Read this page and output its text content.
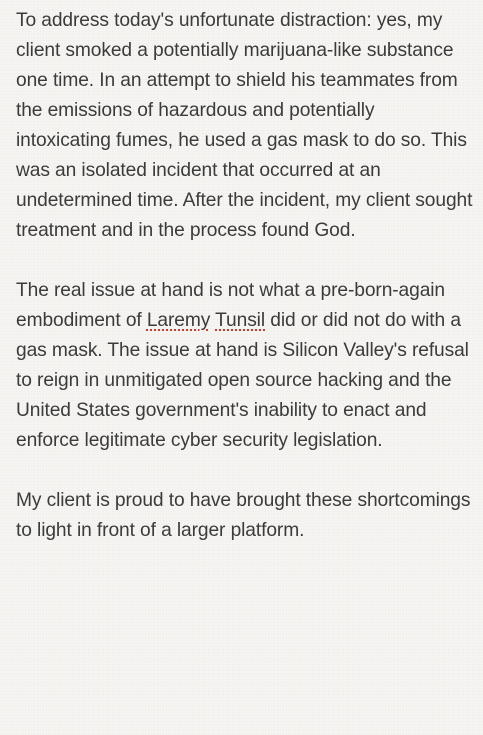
To address today's unfortunate distraction: yes, my client smoked a potentially marijuana-like substance one time. In an attempt to shield his teammates from the emissions of hazardous and potentially intoxicating fumes, he used a gas mask to do so. This was an isolated incident that occurred at an undetermined time. After the incident, my client sought treatment and in the process found God.

The real issue at hand is not what a pre-born-again embodiment of Laremy Tunsil did or did not do with a gas mask. The issue at hand is Silicon Valley's refusal to reign in unmitigated open source hacking and the United States government's inability to enact and enforce legitimate cyber security legislation.

My client is proud to have brought these shortcomings to light in front of a larger platform.
